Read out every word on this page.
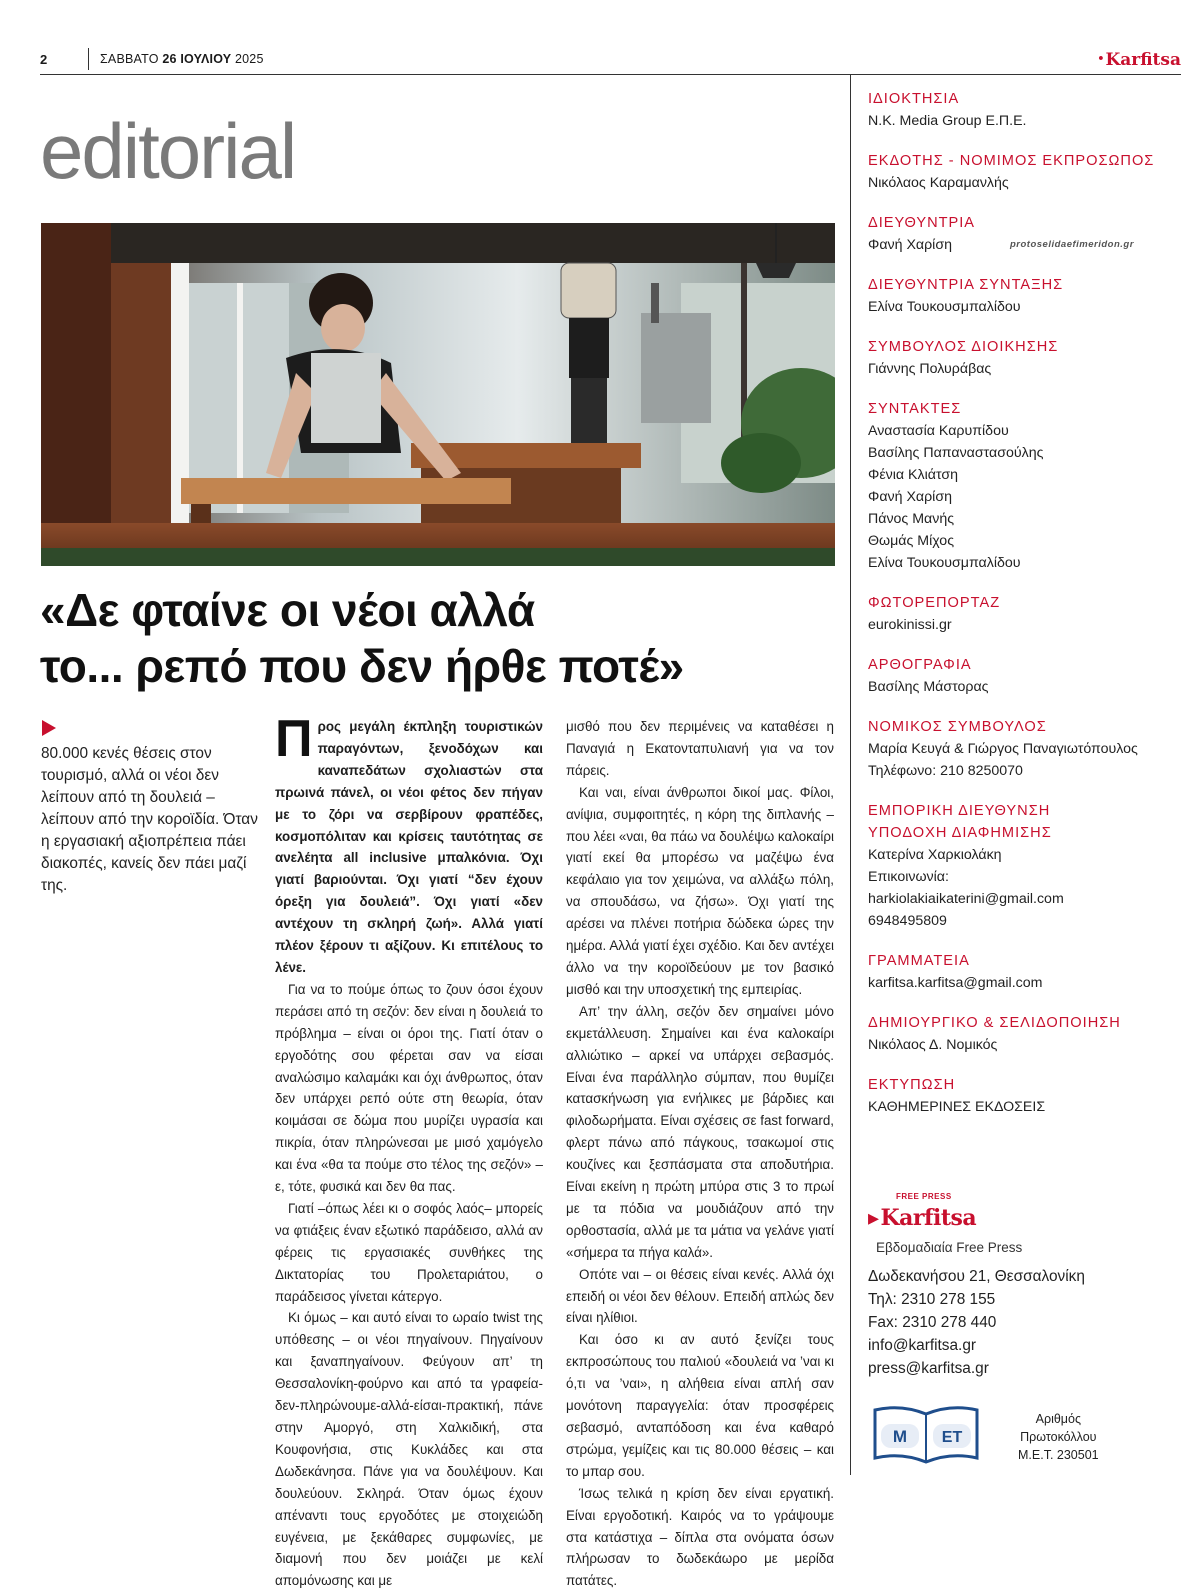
2	ΣΑΒΒΑΤΟ 26 ΙΟΥΛΙΟΥ 2025	•Karfitsa
editorial
«Δε φταίνε οι νέοι αλλά
το... ρεπό που δεν ήρθε ποτέ»
80.000 κενές θέσεις στον τουρισμό, αλλά οι νέοι δεν λείπουν από τη δουλειά – λείπουν από την κοροϊδία. Όταν η εργασιακή αξιοπρέπεια πάει διακοπές, κανείς δεν πάει μαζί της.

Προς μεγάλη έκπληξη τουριστικών παραγόντων, ξενοδόχων και καναπεδάτων σχολιαστών στα πρωινά πάνελ, οι νέοι φέτος δεν πήγαν με το ζόρι να σερβίρουν φραπέδες, κοσμοπόλιταν και κρίσεις ταυτότητας σε ανελέητα all inclusive μπαλκόνια. Όχι γιατί βαριούνται. Όχι γιατί “δεν έχουν όρεξη για δουλειά”. Όχι γιατί «δεν αντέχουν τη σκληρή ζωή». Αλλά γιατί πλέον ξέρουν τι αξίζουν. Κι επιτέλους το λένε.

Για να το πούμε όπως το ζουν όσοι έχουν περάσει από τη σεζόν: δεν είναι η δουλειά το πρόβλημα – είναι οι όροι της. Γιατί όταν ο εργοδότης σου φέρεται σαν να είσαι αναλώσιμο καλαμάκι και όχι άνθρωπος, όταν δεν υπάρχει ρεπό ούτε στη θεωρία, όταν κοιμάσαι σε δώμα που μυρίζει υγρασία και πικρία, όταν πληρώνεσαι με μισό χαμόγελο και ένα «θα τα πούμε στο τέλος της σεζόν» – ε, τότε, φυσικά και δεν θα πας.

Γιατί –όπως λέει κι ο σοφός λαός– μπορείς να φτιάξεις έναν εξωτικό παράδεισο, αλλά αν φέρεις τις εργασιακές συνθήκες της Δικτατορίας του Προλεταριάτου, ο παράδεισος γίνεται κάτεργο.

Κι όμως – και αυτό είναι το ωραίο twist της υπόθεσης – οι νέοι πηγαίνουν. Πηγαίνουν και ξαναπηγαίνουν. Φεύγουν απ’ τη Θεσσαλονίκη-φούρνο και από τα γραφεία-δεν-πληρώνουμε-αλλά-είσαι-πρακτική, πάνε στην Αμοργό, στη Χαλκιδική, στα Κουφονήσια, στις Κυκλάδες και στα Δωδεκάνησα. Πάνε για να δουλέψουν. Και δουλεύουν. Σκληρά. Όταν όμως έχουν απέναντι τους εργοδότες με στοιχειώδη ευγένεια, με ξεκάθαρες συμφωνίες, με διαμονή που δεν μοιάζει με κελί απομόνωσης και με

μισθό που δεν περιμένεις να καταθέσει η Παναγιά η Εκατονταπυλιανή για να τον πάρεις.

Και ναι, είναι άνθρωποι δικοί μας. Φίλοι, ανίψια, συμφοιτητές, η κόρη της διπλανής – που λέει «ναι, θα πάω να δουλέψω καλοκαίρι γιατί εκεί θα μπορέσω να μαζέψω ένα κεφάλαιο για τον χειμώνα, να αλλάξω πόλη, να σπουδάσω, να ζήσω». Όχι γιατί της αρέσει να πλένει ποτήρια δώδεκα ώρες την ημέρα. Αλλά γιατί έχει σχέδιο. Και δεν αντέχει άλλο να την κοροϊδεύουν με τον βασικό μισθό και την υποσχετική της εμπειρίας.

Απ’ την άλλη, σεζόν δεν σημαίνει μόνο εκμετάλλευση. Σημαίνει και ένα καλοκαίρι αλλιώτικο – αρκεί να υπάρχει σεβασμός. Είναι ένα παράλληλο σύμπαν, που θυμίζει κατασκήνωση για ενήλικες με βάρδιες και φιλοδωρήματα. Είναι σχέσεις σε fast forward, φλερτ πάνω από πάγκους, τσακωμοί στις κουζίνες και ξεσπάσματα στα αποδυτήρια. Είναι εκείνη η πρώτη μπύρα στις 3 το πρωί με τα πόδια να μουδιάζουν από την ορθοστασία, αλλά με τα μάτια να γελάνε γιατί «σήμερα τα πήγα καλά».

Οπότε ναι – οι θέσεις είναι κενές. Αλλά όχι επειδή οι νέοι δεν θέλουν. Επειδή απλώς δεν είναι ηλίθιοι.

Και όσο κι αν αυτό ξενίζει τους εκπροσώπους του παλιού «δουλειά να ’ναι κι ό,τι να ’ναι», η αλήθεια είναι απλή σαν μονότονη παραγγελία: όταν προσφέρεις σεβασμό, ανταπόδοση και ένα καθαρό στρώμα, γεμίζεις και τις 80.000 θέσεις – και το μπαρ σου.

Ίσως τελικά η κρίση δεν είναι εργατική. Είναι εργοδοτική. Καιρός να το γράψουμε στα κατάστιχα – δίπλα στα ονόματα όσων πλήρωσαν το δωδεκάωρο με μερίδα πατάτες.

ΙΔΙΟΚΤΗΣΙΑ
Ν.Κ. Media Group Ε.Π.Ε.
ΕΚΔΟΤΗΣ - ΝΟΜΙΜΟΣ ΕΚΠΡΟΣΩΠΟΣ
Νικόλαος Καραμανλής
ΔΙΕΥΘΥΝΤΡΙΑ
Φανή Χαρίση
ΔΙΕΥΘΥΝΤΡΙΑ ΣΥΝΤΑΞΗΣ
Ελίνα Τουκουσμπαλίδου
ΣΥΜΒΟΥΛΟΣ ΔΙΟΙΚΗΣΗΣ
Γιάννης Πολυράβας
ΣΥΝΤΑΚΤΕΣ
Αναστασία Καρυπίδου
Βασίλης Παπαναστασούλης
Φένια Κλιάτση
Φανή Χαρίση
Πάνος Μανής
Θωμάς Μίχος
Ελίνα Τουκουσμπαλίδου
ΦΩΤΟΡΕΠΟΡΤΑΖ
eurokinissi.gr
ΑΡΘΟΓΡΑΦΙΑ
Βασίλης Μάστορας
ΝΟΜΙΚΟΣ ΣΥΜΒΟΥΛΟΣ
Μαρία Κευγά & Γιώργος Παναγιωτόπουλος
Τηλέφωνο: 210 8250070
ΕΜΠΟΡΙΚΗ ΔΙΕΥΘΥΝΣΗ
ΥΠΟΔΟΧΗ ΔΙΑΦΗΜΙΣΗΣ
Κατερίνα Χαρκιολάκη
Επικοινωνία:
harkiolakiaikaterini@gmail.com
6948495809
ΓΡΑΜΜΑΤΕΙΑ
karfitsa.karfitsa@gmail.com
ΔΗΜΙΟΥΡΓΙΚΟ & ΣΕΛΙΔΟΠΟΙΗΣΗ
Νικόλαος Δ. Νομικός
ΕΚΤΥΠΩΣΗ
ΚΑΘΗΜΕΡΙΝΕΣ ΕΚΔΟΣΕΙΣ
protoselidaefimeridon.gr
FREE PRESS
$^{▸Karfitsa}$
Εβδομαδιαία Free Press
Δωδεκανήσου 21, Θεσσαλονίκη
Τηλ: 2310 278 155
Fax: 2310 278 440
info@karfitsa.gr
press@karfitsa.gr
Μ ΕΤ
Αριθμός
Πρωτοκόλλου
Μ.Ε.Τ. 230501
